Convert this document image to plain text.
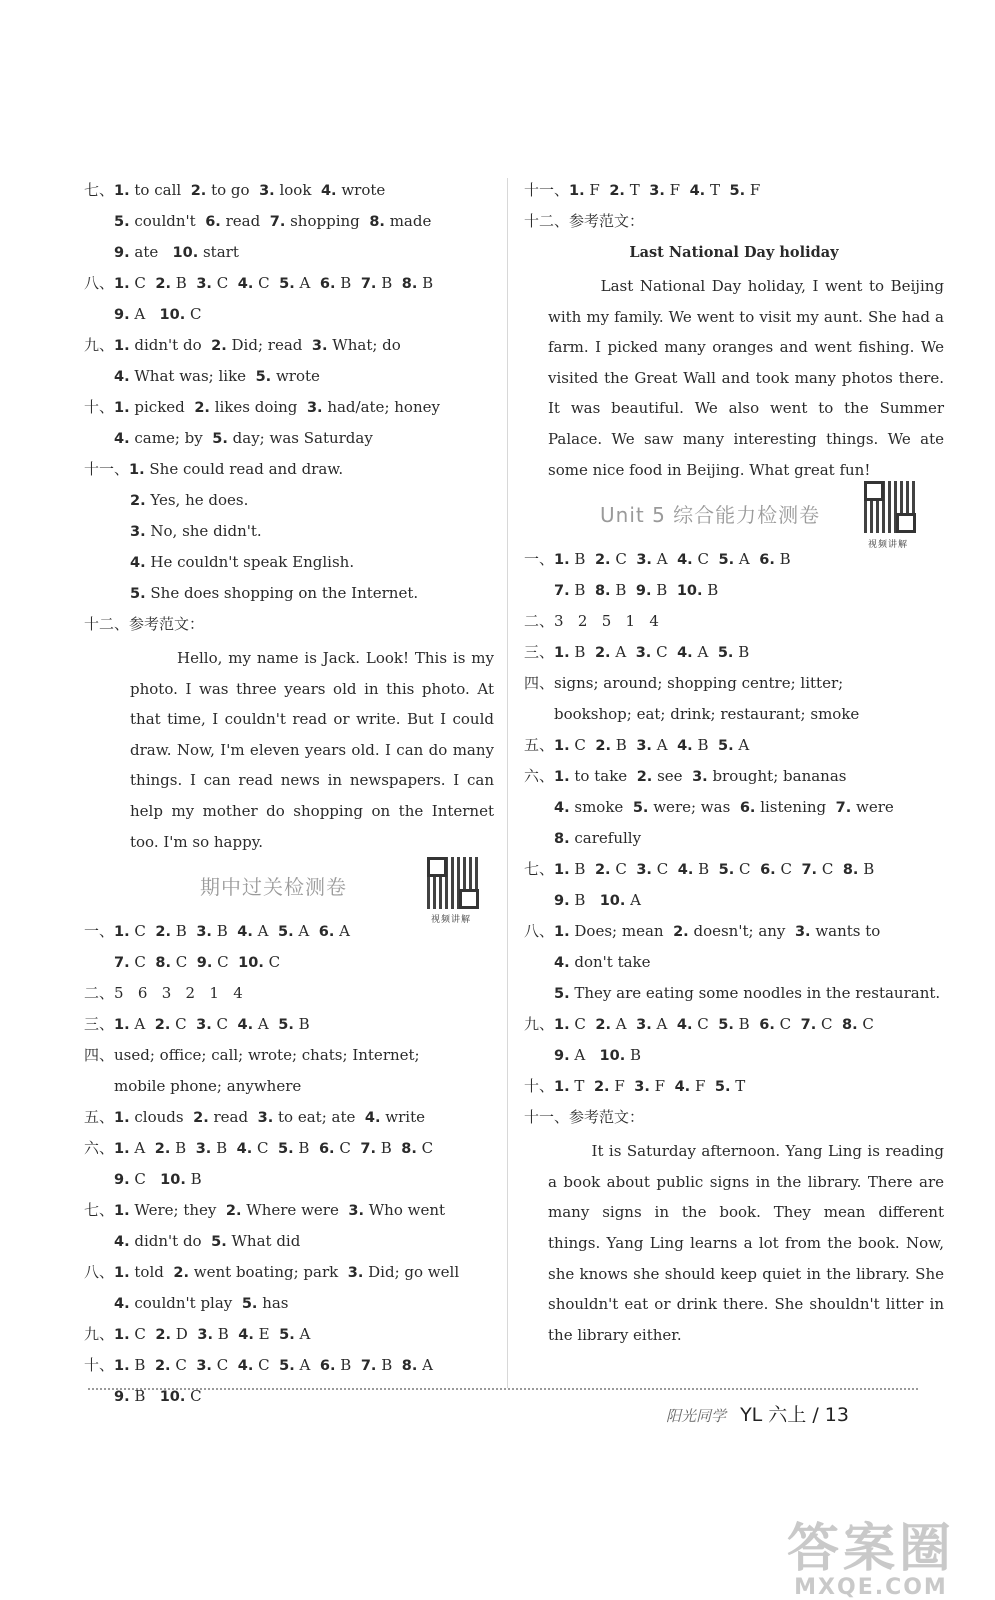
七、1. to call  2. to go  3. look  4. wrote
5. couldn't  6. read  7. shopping  8. made
9. ate   10. start
八、1. C  2. B  3. C  4. C  5. A  6. B  7. B  8. B
9. A   10. C
九、1. didn't do  2. Did; read  3. What; do
4. What was; like  5. wrote
十、1. picked  2. likes doing  3. had/ate; honey
4. came; by  5. day; was Saturday
十一、1. She could read and draw.
2. Yes, he does.
3. No, she didn't.
4. He couldn't speak English.
5. She does shopping on the Internet.
十二、参考范文：
Hello, my name is Jack. Look! This is my photo. I was three years old in this photo. At that time, I couldn't read or write. But I could draw. Now, I'm eleven years old. I can do many things. I can read news in newspapers. I can help my mother do shopping on the Internet too. I'm so happy.
期中过关检测卷
视频讲解
一、1. C  2. B  3. B  4. A  5. A  6. A
7. C  8. C  9. C  10. C
二、5   6   3   2   1   4
三、1. A  2. C  3. C  4. A  5. B
四、used; office; call; wrote; chats; Internet;
mobile phone; anywhere
五、1. clouds  2. read  3. to eat; ate  4. write
六、1. A  2. B  3. B  4. C  5. B  6. C  7. B  8. C
9. C   10. B
七、1. Were; they  2. Where were  3. Who went
4. didn't do  5. What did
八、1. told  2. went boating; park  3. Did; go well
4. couldn't play  5. has
九、1. C  2. D  3. B  4. E  5. A
十、1. B  2. C  3. C  4. C  5. A  6. B  7. B  8. A
9. B   10. C
十一、1. F  2. T  3. F  4. T  5. F
十二、参考范文：
Last National Day holiday
Last National Day holiday, I went to Beijing with my family. We went to visit my aunt. She had a farm. I picked many oranges and went fishing. We visited the Great Wall and took many photos there. It was beautiful. We also went to the Summer Palace. We saw many interesting things. We ate some nice food in Beijing. What great fun!
Unit 5 综合能力检测卷
视频讲解
一、1. B  2. C  3. A  4. C  5. A  6. B
7. B  8. B  9. B  10. B
二、3   2   5   1   4
三、1. B  2. A  3. C  4. A  5. B
四、signs; around; shopping centre; litter;
bookshop; eat; drink; restaurant; smoke
五、1. C  2. B  3. A  4. B  5. A
六、1. to take  2. see  3. brought; bananas
4. smoke  5. were; was  6. listening  7. were
8. carefully
七、1. B  2. C  3. C  4. B  5. C  6. C  7. C  8. B
9. B   10. A
八、1. Does; mean  2. doesn't; any  3. wants to
4. don't take
5. They are eating some noodles in the restaurant.
九、1. C  2. A  3. A  4. C  5. B  6. C  7. C  8. C
9. A   10. B
十、1. T  2. F  3. F  4. F  5. T
十一、参考范文：
It is Saturday afternoon. Yang Ling is reading a book about public signs in the library. There are many signs in the book. They mean different things. Yang Ling learns a lot from the book. Now, she knows she should keep quiet in the library. She shouldn't eat or drink there. She shouldn't litter in the library either.
阳光同学 YL 六上 / 13
答案圈
MXQE.COM
